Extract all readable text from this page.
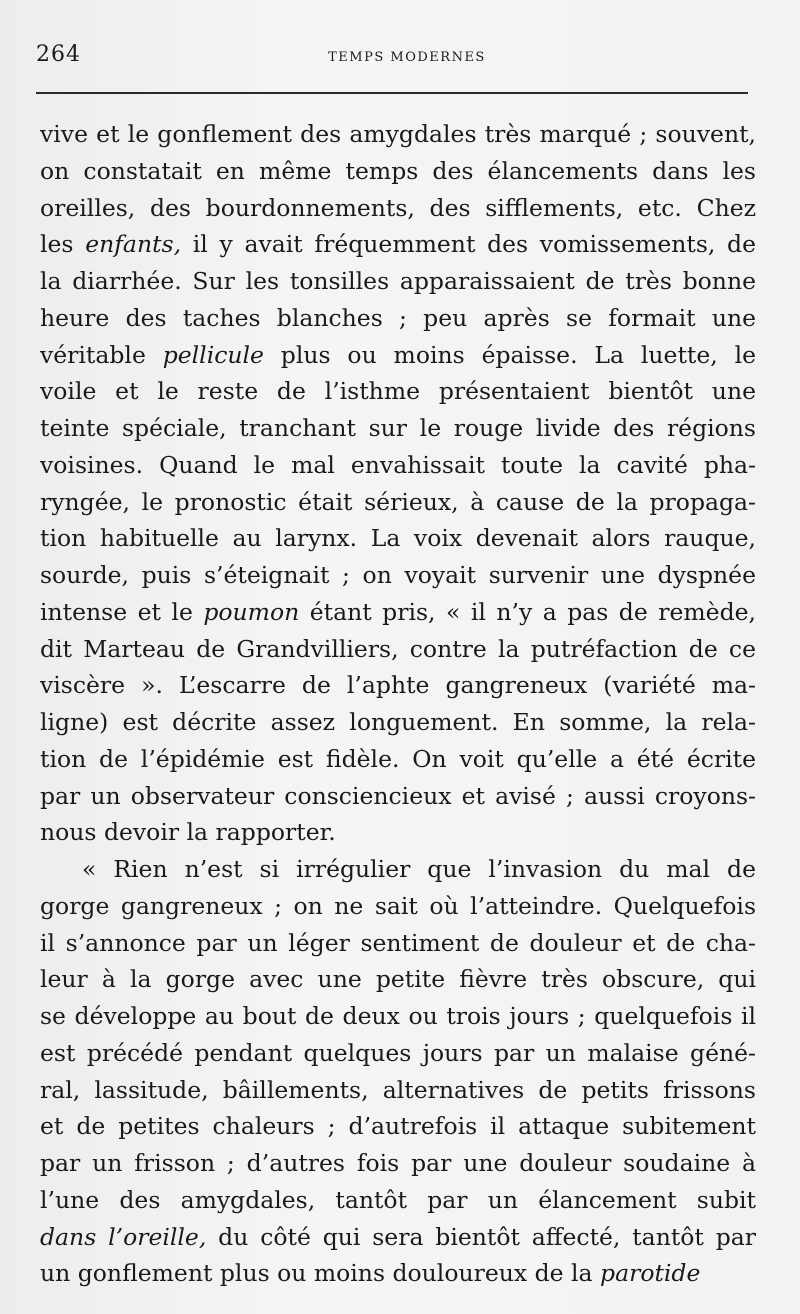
264	TEMPS MODERNES
vive et le gonflement des amygdales très marqué ; souvent,
on constatait en même temps des élancements dans les
oreilles, des bourdonnements, des sifflements, etc. Chez
les enfants, il y avait fréquemment des vomissements, de
la diarrhée. Sur les tonsilles apparaissaient de très bonne
heure des taches blanches ; peu après se formait une
véritable pellicule plus ou moins épaisse. La luette, le
voile et le reste de l’isthme présentaient bientôt une
teinte spéciale, tranchant sur le rouge livide des régions
voisines. Quand le mal envahissait toute la cavité pha-
ryngée, le pronostic était sérieux, à cause de la propaga-
tion habituelle au larynx. La voix devenait alors rauque,
sourde, puis s’éteignait ; on voyait survenir une dyspnée
intense et le poumon étant pris, « il n’y a pas de remède,
dit Marteau de Grandvilliers, contre la putréfaction de ce
viscère ». L’escarre de l’aphte gangreneux (variété ma-
ligne) est décrite assez longuement. En somme, la rela-
tion de l’épidémie est fidèle. On voit qu’elle a été écrite
par un observateur consciencieux et avisé ; aussi croyons-
nous devoir la rapporter.
« Rien n’est si irrégulier que l’invasion du mal de
gorge gangreneux ; on ne sait où l’atteindre. Quelquefois
il s’annonce par un léger sentiment de douleur et de cha-
leur à la gorge avec une petite fièvre très obscure, qui
se développe au bout de deux ou trois jours ; quelquefois il
est précédé pendant quelques jours par un malaise géné-
ral, lassitude, bâillements, alternatives de petits frissons
et de petites chaleurs ; d’autrefois il attaque subitement
par un frisson ; d’autres fois par une douleur soudaine à
l’une des amygdales, tantôt par un élancement subit
dans l’oreille, du côté qui sera bientôt affecté, tantôt par
un gonflement plus ou moins douloureux de la parotide
